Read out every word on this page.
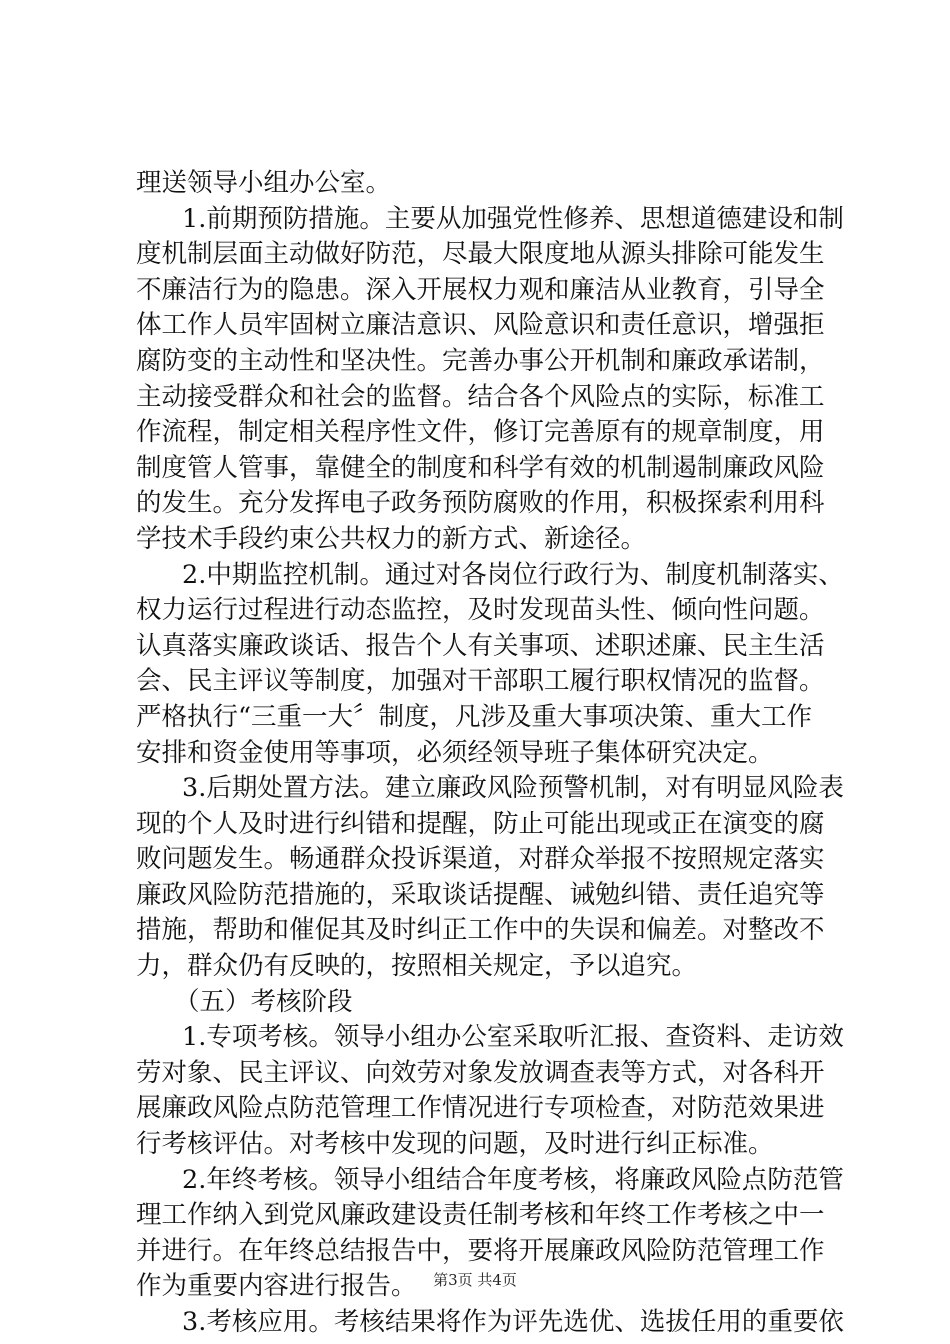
理送领导小组办公室。
1.前期预防措施。主要从加强党性修养、思想道德建设和制
度机制层面主动做好防范，尽最大限度地从源头排除可能发生
不廉洁行为的隐患。深入开展权力观和廉洁从业教育，引导全
体工作人员牢固树立廉洁意识、风险意识和责任意识，增强拒
腐防变的主动性和坚决性。完善办事公开机制和廉政承诺制，
主动接受群众和社会的监督。结合各个风险点的实际，标准工
作流程，制定相关程序性文件，修订完善原有的规章制度，用
制度管人管事，靠健全的制度和科学有效的机制遏制廉政风险
的发生。充分发挥电子政务预防腐败的作用，积极探索利用科
学技术手段约束公共权力的新方式、新途径。
2.中期监控机制。通过对各岗位行政行为、制度机制落实、
权力运行过程进行动态监控，及时发现苗头性、倾向性问题。
认真落实廉政谈话、报告个人有关事项、述职述廉、民主生活
会、民主评议等制度，加强对干部职工履行职权情况的监督。
严格执行“三重一大〞制度，凡涉及重大事项决策、重大工作
安排和资金使用等事项，必须经领导班子集体研究决定。
3.后期处置方法。建立廉政风险预警机制，对有明显风险表
现的个人及时进行纠错和提醒，防止可能出现或正在演变的腐
败问题发生。畅通群众投诉渠道，对群众举报不按照规定落实
廉政风险防范措施的，采取谈话提醒、诫勉纠错、责任追究等
措施，帮助和催促其及时纠正工作中的失误和偏差。对整改不
力，群众仍有反映的，按照相关规定，予以追究。
（五）考核阶段
1.专项考核。领导小组办公室采取听汇报、查资料、走访效
劳对象、民主评议、向效劳对象发放调查表等方式，对各科开
展廉政风险点防范管理工作情况进行专项检查，对防范效果进
行考核评估。对考核中发现的问题，及时进行纠正标准。
2.年终考核。领导小组结合年度考核，将廉政风险点防范管
理工作纳入到党风廉政建设责任制考核和年终工作考核之中一
并进行。在年终总结报告中，要将开展廉政风险防范管理工作
作为重要内容进行报告。
3.考核应用。考核结果将作为评先选优、选拔任用的重要依
第3页 共4页
